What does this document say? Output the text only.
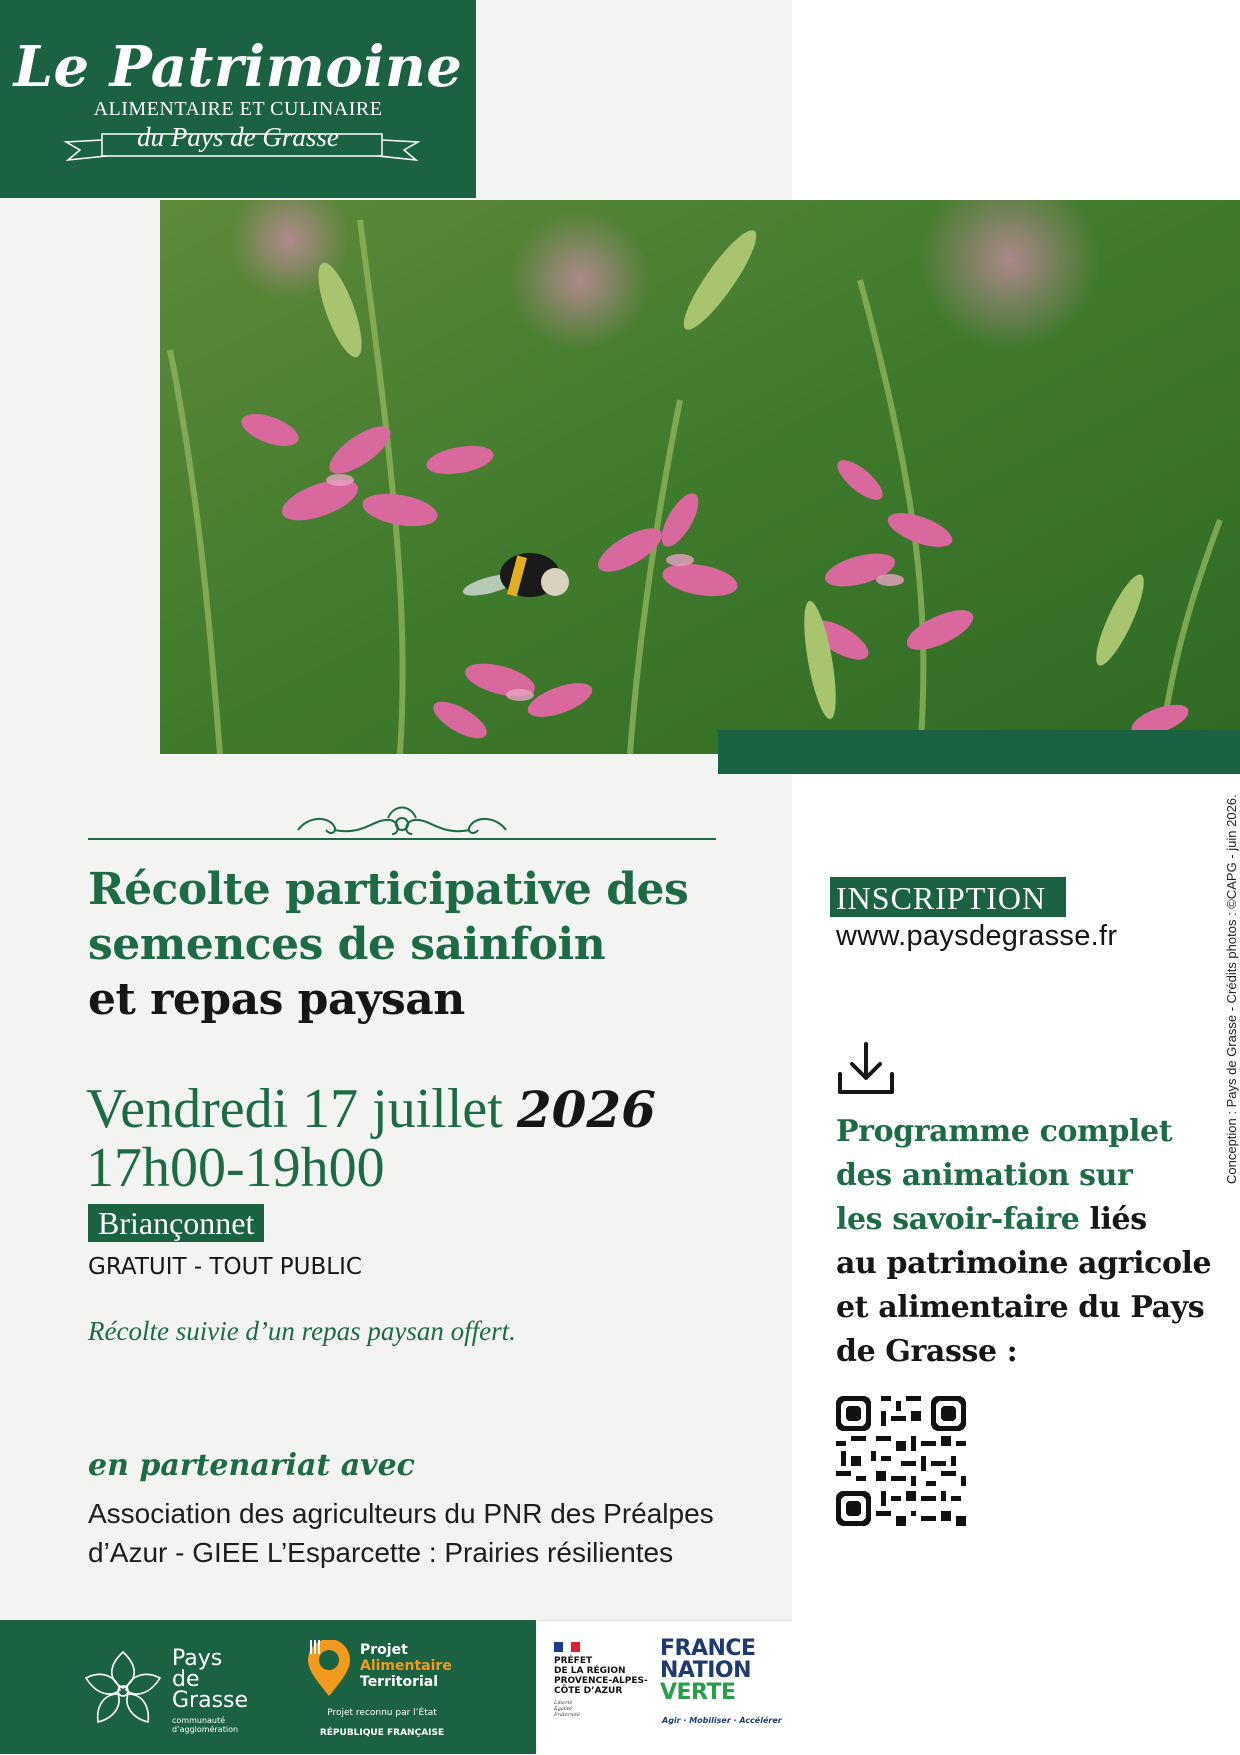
Le Patrimoine
ALIMENTAIRE ET CULINAIRE
du Pays de Grasse
Récolte participative des
semences de sainfoin
et repas paysan
Vendredi 17 juillet 2026
17h00-19h00
Briançonnet
GRATUIT - TOUT PUBLIC
Récolte suivie d’un repas paysan offert.
en partenariat avec
Association des agriculteurs du PNR des Préalpes
d’Azur - GIEE L’Esparcette : Prairies résilientes
INSCRIPTION
www.paysdegrasse.fr
Programme complet
des animation sur
les savoir-faire liés
au patrimoine agricole
et alimentaire du Pays
de Grasse :
Conception : Pays de Grasse - Crédits photos : ©CAPG - juin 2026.
Pays
de
Grasse
communauté
d’agglomération
Projet
Alimentaire
Territorial
Projet reconnu par l’État
RÉPUBLIQUE FRANÇAISE
PRÉFET
DE LA RÉGION
PROVENCE-ALPES-
CÔTE D’AZUR
Liberté
Égalité
Fraternité
FRANCE
NATION
VERTE
Agir · Mobiliser · Accélérer
